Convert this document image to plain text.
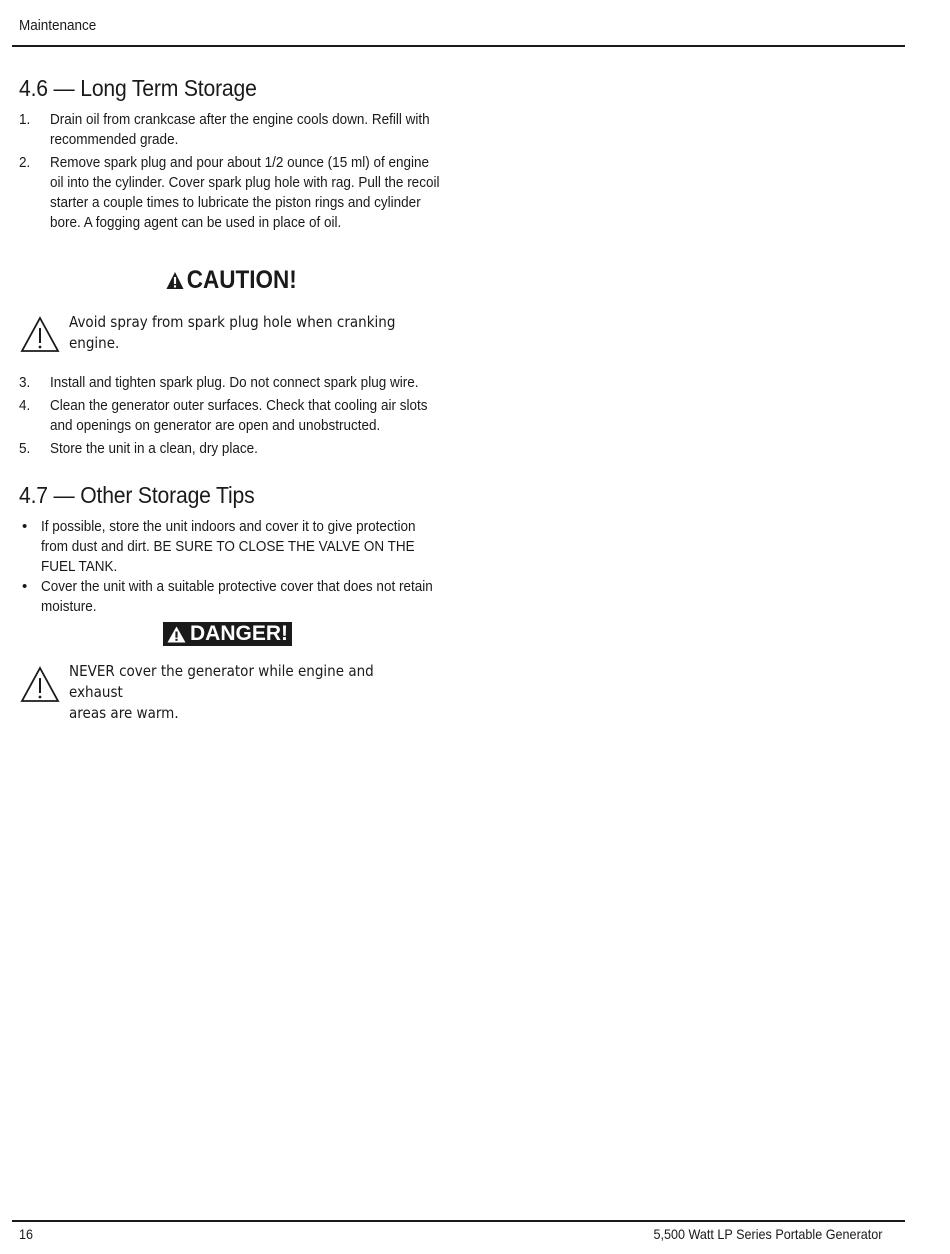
Maintenance
4.6 — Long Term Storage
1. Drain oil from crankcase after the engine cools down. Refill with
recommended grade.
2. Remove spark plug and pour about 1/2 ounce (15 ml) of engine
oil into the cylinder. Cover spark plug hole with rag. Pull the recoil
starter a couple times to lubricate the piston rings and cylinder
bore. A fogging agent can be used in place of oil.
CAUTION!
Avoid spray from spark plug hole when cranking engine.
3. Install and tighten spark plug. Do not connect spark plug wire.
4. Clean the generator outer surfaces. Check that cooling air slots
and openings on generator are open and unobstructed.
5. Store the unit in a clean, dry place.
4.7 — Other Storage Tips
• If possible, store the unit indoors and cover it to give protection
from dust and dirt. BE SURE TO CLOSE THE VALVE ON THE
FUEL TANK.
• Cover the unit with a suitable protective cover that does not retain
moisture.
DANGER!
NEVER cover the generator while engine and exhaust
areas are warm.
16	5,500 Watt LP Series Portable Generator
